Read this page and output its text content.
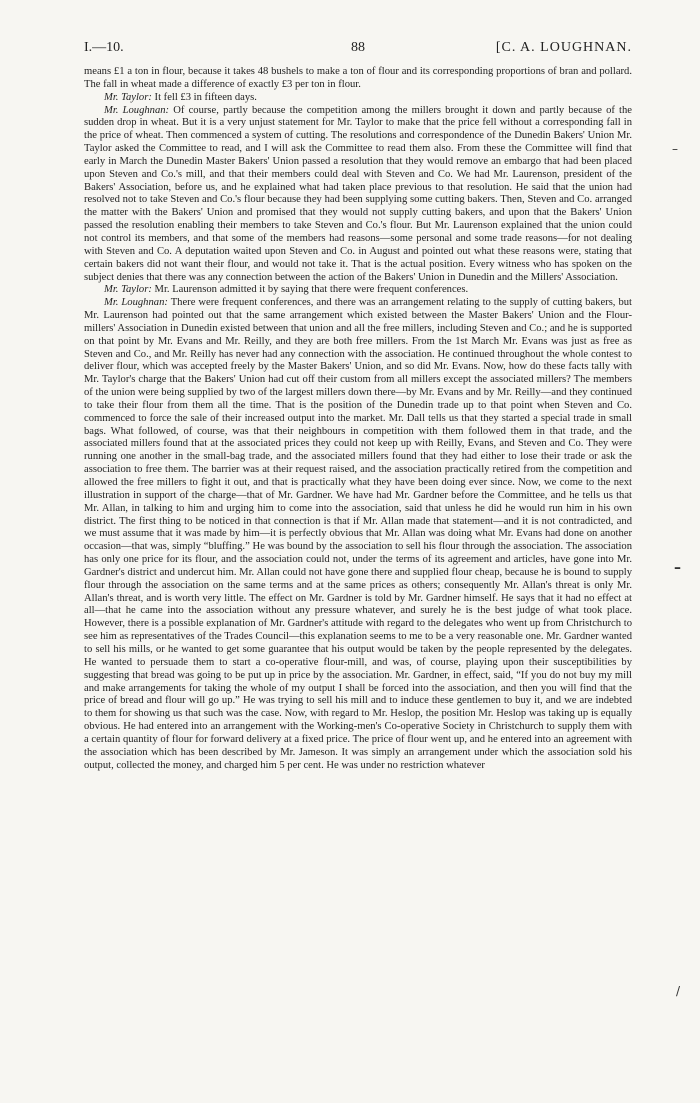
I.—10.	88	[C. A. LOUGHNAN.

means £1 a ton in flour, because it takes 48 bushels to make a ton of flour and its corresponding proportions of bran and pollard. The fall in wheat made a difference of exactly £3 per ton in flour.

Mr. Taylor: It fell £3 in fifteen days.

Mr. Loughnan: Of course, partly because the competition among the millers brought it down and partly because of the sudden drop in wheat. But it is a very unjust statement for Mr. Taylor to make that the price fell without a corresponding fall in the price of wheat. Then commenced a system of cutting. The resolutions and correspondence of the Dunedin Bakers' Union Mr. Taylor asked the Committee to read, and I will ask the Committee to read them also. From these the Committee will find that early in March the Dunedin Master Bakers' Union passed a resolution that they would remove an embargo that had been placed upon Steven and Co.'s mill, and that their members could deal with Steven and Co. We had Mr. Laurenson, president of the Bakers' Association, before us, and he explained what had taken place previous to that resolution. He said that the union had resolved not to take Steven and Co.'s flour because they had been supplying some cutting bakers. Then, Steven and Co. arranged the matter with the Bakers' Union and promised that they would not supply cutting bakers, and upon that the Bakers' Union passed the resolution enabling their members to take Steven and Co.'s flour. But Mr. Laurenson explained that the union could not control its members, and that some of the members had reasons—some personal and some trade reasons—for not dealing with Steven and Co. A deputation waited upon Steven and Co. in August and pointed out what these reasons were, stating that certain bakers did not want their flour, and would not take it. That is the actual position. Every witness who has spoken on the subject denies that there was any connection between the action of the Bakers' Union in Dunedin and the Millers' Association.

Mr. Taylor: Mr. Laurenson admitted it by saying that there were frequent conferences.

Mr. Loughnan: There were frequent conferences, and there was an arrangement relating to the supply of cutting bakers, but Mr. Laurenson had pointed out that the same arrangement which existed between the Master Bakers' Union and the Flour-millers' Association in Dunedin existed between that union and all the free millers, including Steven and Co.; and he is supported on that point by Mr. Evans and Mr. Reilly, and they are both free millers. From the 1st March Mr. Evans was just as free as Steven and Co., and Mr. Reilly has never had any connection with the association. He continued throughout the whole contest to deliver flour, which was accepted freely by the Master Bakers' Union, and so did Mr. Evans. Now, how do these facts tally with Mr. Taylor's charge that the Bakers' Union had cut off their custom from all millers except the associated millers? The members of the union were being supplied by two of the largest millers down there—by Mr. Evans and by Mr. Reilly—and they continued to take their flour from them all the time. That is the position of the Dunedin trade up to that point when Steven and Co. commenced to force the sale of their increased output into the market. Mr. Dall tells us that they started a special trade in small bags. What followed, of course, was that their neighbours in competition with them followed them in that trade, and the associated millers found that at the associated prices they could not keep up with Reilly, Evans, and Steven and Co. They were running one another in the small-bag trade, and the associated millers found that they had either to lose their trade or ask the association to free them. The barrier was at their request raised, and the association practically retired from the competition and allowed the free millers to fight it out, and that is practically what they have been doing ever since. Now, we come to the next illustration in support of the charge—that of Mr. Gardner. We have had Mr. Gardner before the Committee, and he tells us that Mr. Allan, in talking to him and urging him to come into the association, said that unless he did he would run him in his own district. The first thing to be noticed in that connection is that if Mr. Allan made that statement—and it is not contradicted, and we must assume that it was made by him—it is perfectly obvious that Mr. Allan was doing what Mr. Evans had done on another occasion—that was, simply “bluffing.” He was bound by the association to sell his flour through the association. The association has only one price for its flour, and the association could not, under the terms of its agreement and articles, have gone into Mr. Gardner's district and undercut him. Mr. Allan could not have gone there and supplied flour cheap, because he is bound to supply flour through the association on the same terms and at the same prices as others; consequently Mr. Allan's threat is only Mr. Allan's threat, and is worth very little. The effect on Mr. Gardner is told by Mr. Gardner himself. He says that it had no effect at all—that he came into the association without any pressure whatever, and surely he is the best judge of what took place. However, there is a possible explanation of Mr. Gardner's attitude with regard to the delegates who went up from Christchurch to see him as representatives of the Trades Council—this explanation seems to me to be a very reasonable one. Mr. Gardner wanted to sell his mills, or he wanted to get some guarantee that his output would be taken by the people represented by the delegates. He wanted to persuade them to start a co-operative flour-mill, and was, of course, playing upon their susceptibilities by suggesting that bread was going to be put up in price by the association. Mr. Gardner, in effect, said, “If you do not buy my mill and make arrangements for taking the whole of my output I shall be forced into the association, and then you will find that the price of bread and flour will go up.” He was trying to sell his mill and to induce these gentlemen to buy it, and we are indebted to them for showing us that such was the case. Now, with regard to Mr. Heslop, the position Mr. Heslop was taking up is equally obvious. He had entered into an arrangement with the Working-men's Co-operative Society in Christchurch to supply them with a certain quantity of flour for forward delivery at a fixed price. The price of flour went up, and he entered into an agreement with the association which has been described by Mr. Jameson. It was simply an arrangement under which the association sold his output, collected the money, and charged him 5 per cent. He was under no restriction whatever

–
–
/
